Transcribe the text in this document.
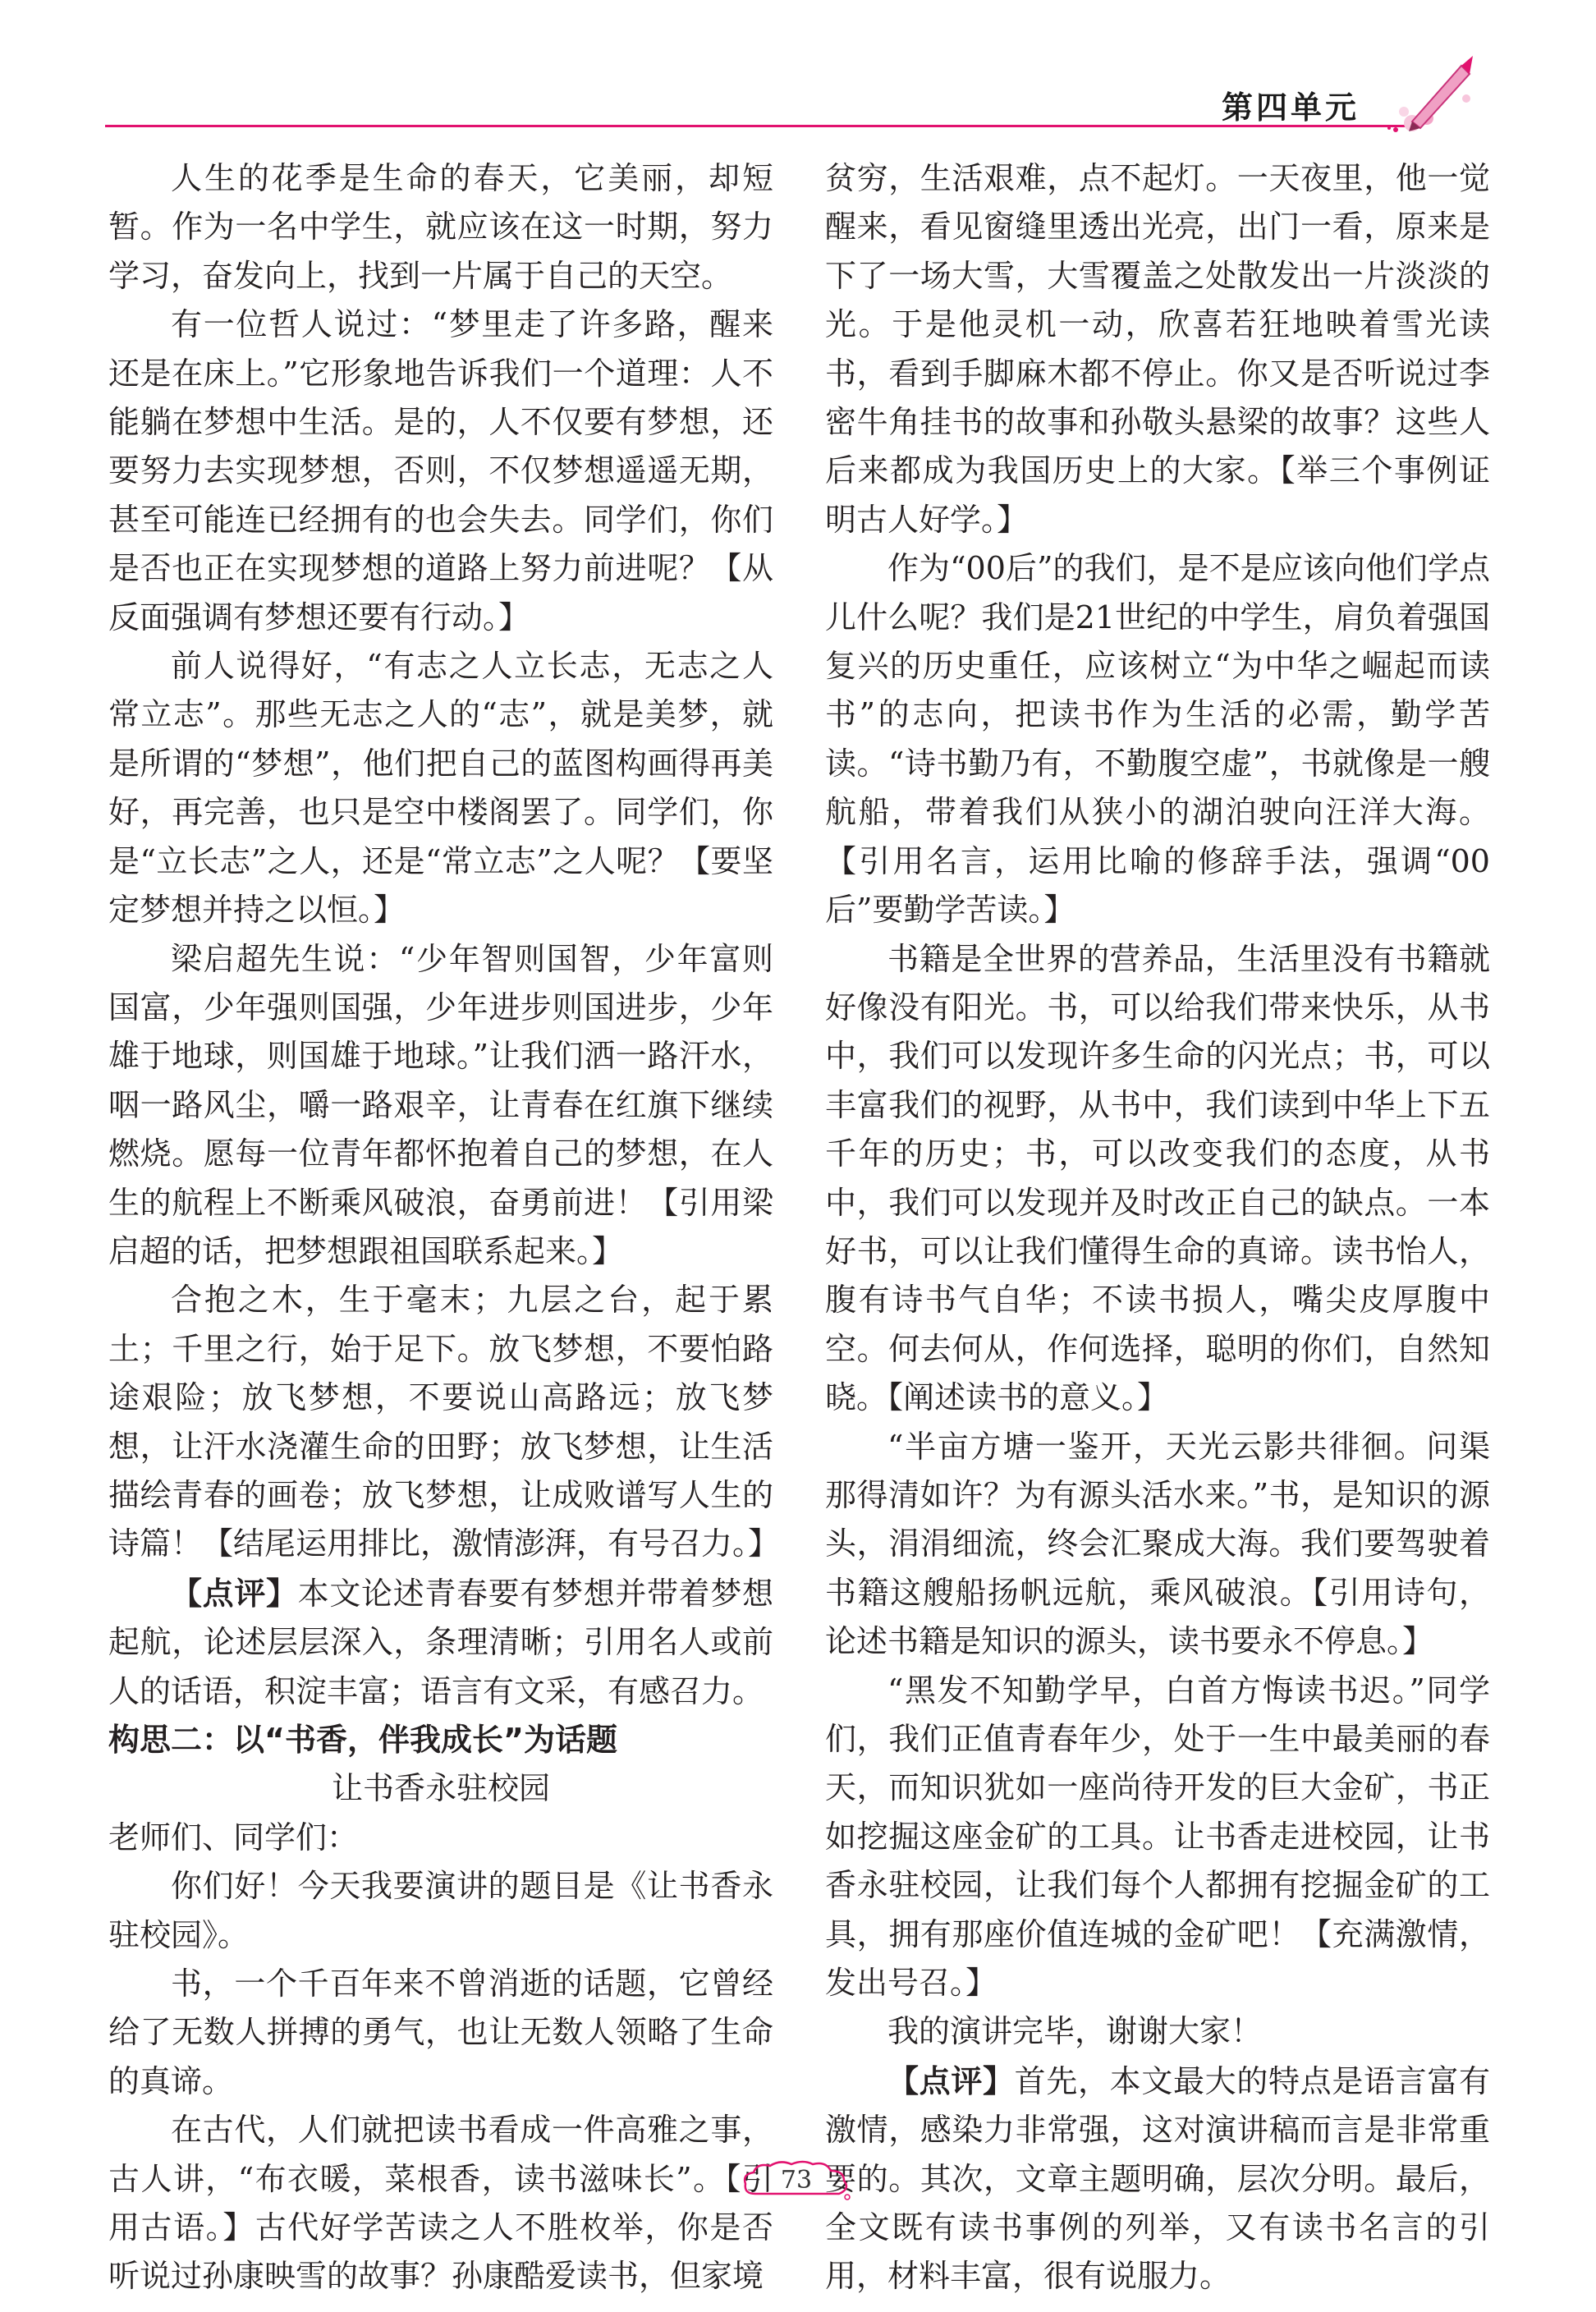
第四单元

人生的花季是生命的春天，它美丽，却短暂。作为一名中学生，就应该在这一时期，努力学习，奋发向上，找到一片属于自己的天空。

有一位哲人说过：“梦里走了许多路，醒来还是在床上。”它形象地告诉我们一个道理：人不能躺在梦想中生活。是的，人不仅要有梦想，还要努力去实现梦想，否则，不仅梦想遥遥无期，甚至可能连已经拥有的也会失去。同学们，你们是否也正在实现梦想的道路上努力前进呢？【从反面强调有梦想还要有行动。】

前人说得好，“有志之人立长志，无志之人常立志”。那些无志之人的“志”，就是美梦，就是所谓的“梦想”，他们把自己的蓝图构画得再美好，再完善，也只是空中楼阁罢了。同学们，你是“立长志”之人，还是“常立志”之人呢？【要坚定梦想并持之以恒。】

梁启超先生说：“少年智则国智，少年富则国富，少年强则国强，少年进步则国进步，少年雄于地球，则国雄于地球。”让我们洒一路汗水，咽一路风尘，嚼一路艰辛，让青春在红旗下继续燃烧。愿每一位青年都怀抱着自己的梦想，在人生的航程上不断乘风破浪，奋勇前进！【引用梁启超的话，把梦想跟祖国联系起来。】

合抱之木，生于毫末；九层之台，起于累土；千里之行，始于足下。放飞梦想，不要怕路途艰险；放飞梦想，不要说山高路远；放飞梦想，让汗水浇灌生命的田野；放飞梦想，让生活描绘青春的画卷；放飞梦想，让成败谱写人生的诗篇！【结尾运用排比，激情澎湃，有号召力。】

【点评】本文论述青春要有梦想并带着梦想起航，论述层层深入，条理清晰；引用名人或前人的话语，积淀丰富；语言有文采，有感召力。

构思二：以“书香，伴我成长”为话题

让书香永驻校园

老师们、同学们：

你们好！今天我要演讲的题目是《让书香永驻校园》。

书，一个千百年来不曾消逝的话题，它曾经给了无数人拼搏的勇气，也让无数人领略了生命的真谛。

在古代，人们就把读书看成一件高雅之事，古人讲，“布衣暖，菜根香，读书滋味长”。【引用古语。】古代好学苦读之人不胜枚举，你是否听说过孙康映雪的故事？孙康酷爱读书，但家境

贫穷，生活艰难，点不起灯。一天夜里，他一觉醒来，看见窗缝里透出光亮，出门一看，原来是下了一场大雪，大雪覆盖之处散发出一片淡淡的光。于是他灵机一动，欣喜若狂地映着雪光读书，看到手脚麻木都不停止。你又是否听说过李密牛角挂书的故事和孙敬头悬梁的故事？这些人后来都成为我国历史上的大家。【举三个事例证明古人好学。】

作为“00后”的我们，是不是应该向他们学点儿什么呢？我们是21世纪的中学生，肩负着强国复兴的历史重任，应该树立“为中华之崛起而读书”的志向，把读书作为生活的必需，勤学苦读。“诗书勤乃有，不勤腹空虚”，书就像是一艘航船，带着我们从狭小的湖泊驶向汪洋大海。【引用名言，运用比喻的修辞手法，强调“00后”要勤学苦读。】

书籍是全世界的营养品，生活里没有书籍就好像没有阳光。书，可以给我们带来快乐，从书中，我们可以发现许多生命的闪光点；书，可以丰富我们的视野，从书中，我们读到中华上下五千年的历史；书，可以改变我们的态度，从书中，我们可以发现并及时改正自己的缺点。一本好书，可以让我们懂得生命的真谛。读书怡人，腹有诗书气自华；不读书损人，嘴尖皮厚腹中空。何去何从，作何选择，聪明的你们，自然知晓。【阐述读书的意义。】

“半亩方塘一鉴开，天光云影共徘徊。问渠那得清如许？为有源头活水来。”书，是知识的源头，涓涓细流，终会汇聚成大海。我们要驾驶着书籍这艘船扬帆远航，乘风破浪。【引用诗句，论述书籍是知识的源头，读书要永不停息。】

“黑发不知勤学早，白首方悔读书迟。”同学们，我们正值青春年少，处于一生中最美丽的春天，而知识犹如一座尚待开发的巨大金矿，书正如挖掘这座金矿的工具。让书香走进校园，让书香永驻校园，让我们每个人都拥有挖掘金矿的工具，拥有那座价值连城的金矿吧！【充满激情，发出号召。】

我的演讲完毕，谢谢大家！

【点评】首先，本文最大的特点是语言富有激情，感染力非常强，这对演讲稿而言是非常重要的。其次，文章主题明确，层次分明。最后，全文既有读书事例的列举，又有读书名言的引用，材料丰富，很有说服力。

73
